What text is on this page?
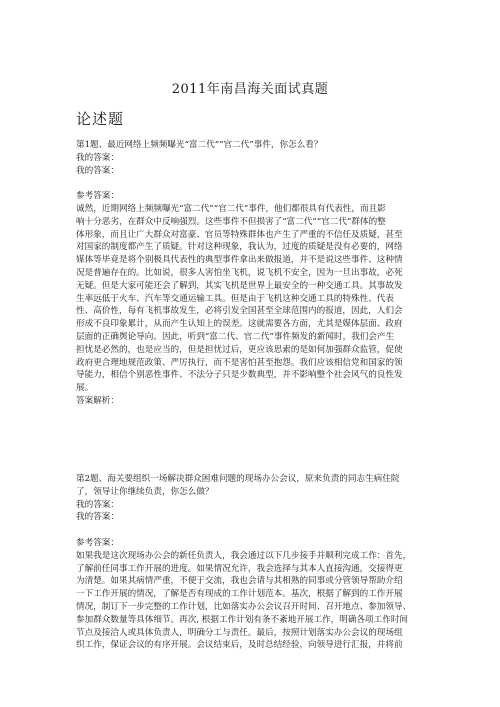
2011年南昌海关面试真题
论述题
第1题、最近网络上频频曝光“富二代”“官二代”事件，你怎么看？
我的答案：
我的答案：
参考答案：
诚然，近期网络上频频曝光“富二代”“官二代”事件，他们都很具有代表性，而且影
响十分恶劣，在群众中反响强烈。这些事件不但损害了“富二代”“官二代”群体的整
体形象，而且让广大群众对富豪、官员等特殊群体也产生了严重的不信任及质疑，甚至
对国家的制度都产生了质疑。针对这种现象，我认为，过度的质疑是没有必要的，网络
媒体等毕竟是将个别极具代表性的典型事件拿出来做报道，并不是说这些事件、这种情
况是普遍存在的。比如说，很多人害怕坐飞机，说飞机不安全，因为一旦出事故，必死
无疑。但是大家可能还会了解到，其实飞机是世界上最安全的一种交通工具。其事故发
生率远低于火车、汽车等交通运输工具。但是由于飞机这种交通工具的特殊性、代表
性、高价性，每有飞机事故发生，必将引发全国甚至全球范围内的报道，因此，人们会
形成不良印象累计，从而产生认知上的误差。这就需要各方面，尤其是媒体层面、政府
层面的正确舆论导向。因此，听到“富二代、官二代”事件频发的新闻时，我们会产生
担忧是必然的，也是应当的，但是担忧过后，更应该思索的是如何加强群众监管，促使
政府更合理地规范政策、严厉执行，而不是害怕甚至抱怨。我们应该相信党和国家的领
导能力，相信个别恶性事件、不法分子只是少数典型，并不影响整个社会风气的良性发
展。
答案解析：
第2题、海关要组织一场解决群众困难问题的现场办公会议，原来负责的同志生病住院
了，领导让你继续负责，你怎么做？
我的答案：
我的答案：
参考答案：
如果我是这次现场办公会的新任负责人，我会通过以下几步接手并顺利完成工作：首先，
了解前任同事工作开展的进度。如果情况允许，我会选择与其本人直接沟通，交接得更
为清楚。如果其病情严重，不便于交流，我也会请与其相熟的同事或分管领导帮助介绍
一下工作开展的情况，了解是否有现成的工作计划范本。基次，根据了解到的工作开展
情况，制订下一步完整的工作计划，比如落实办公会议召开时间、召开地点、参加领导、
参加群众数量等具体细节。再次, 根据工作计划有条不紊地开展工作，明确各项工作时间
节点及接洽人或具体负责人，明确分工与责任。最后，按照计划落实办公会议的现场组
织工作，保证会议的有序开展。会议结束后，及时总结经验，向领导进行汇报，并将前
